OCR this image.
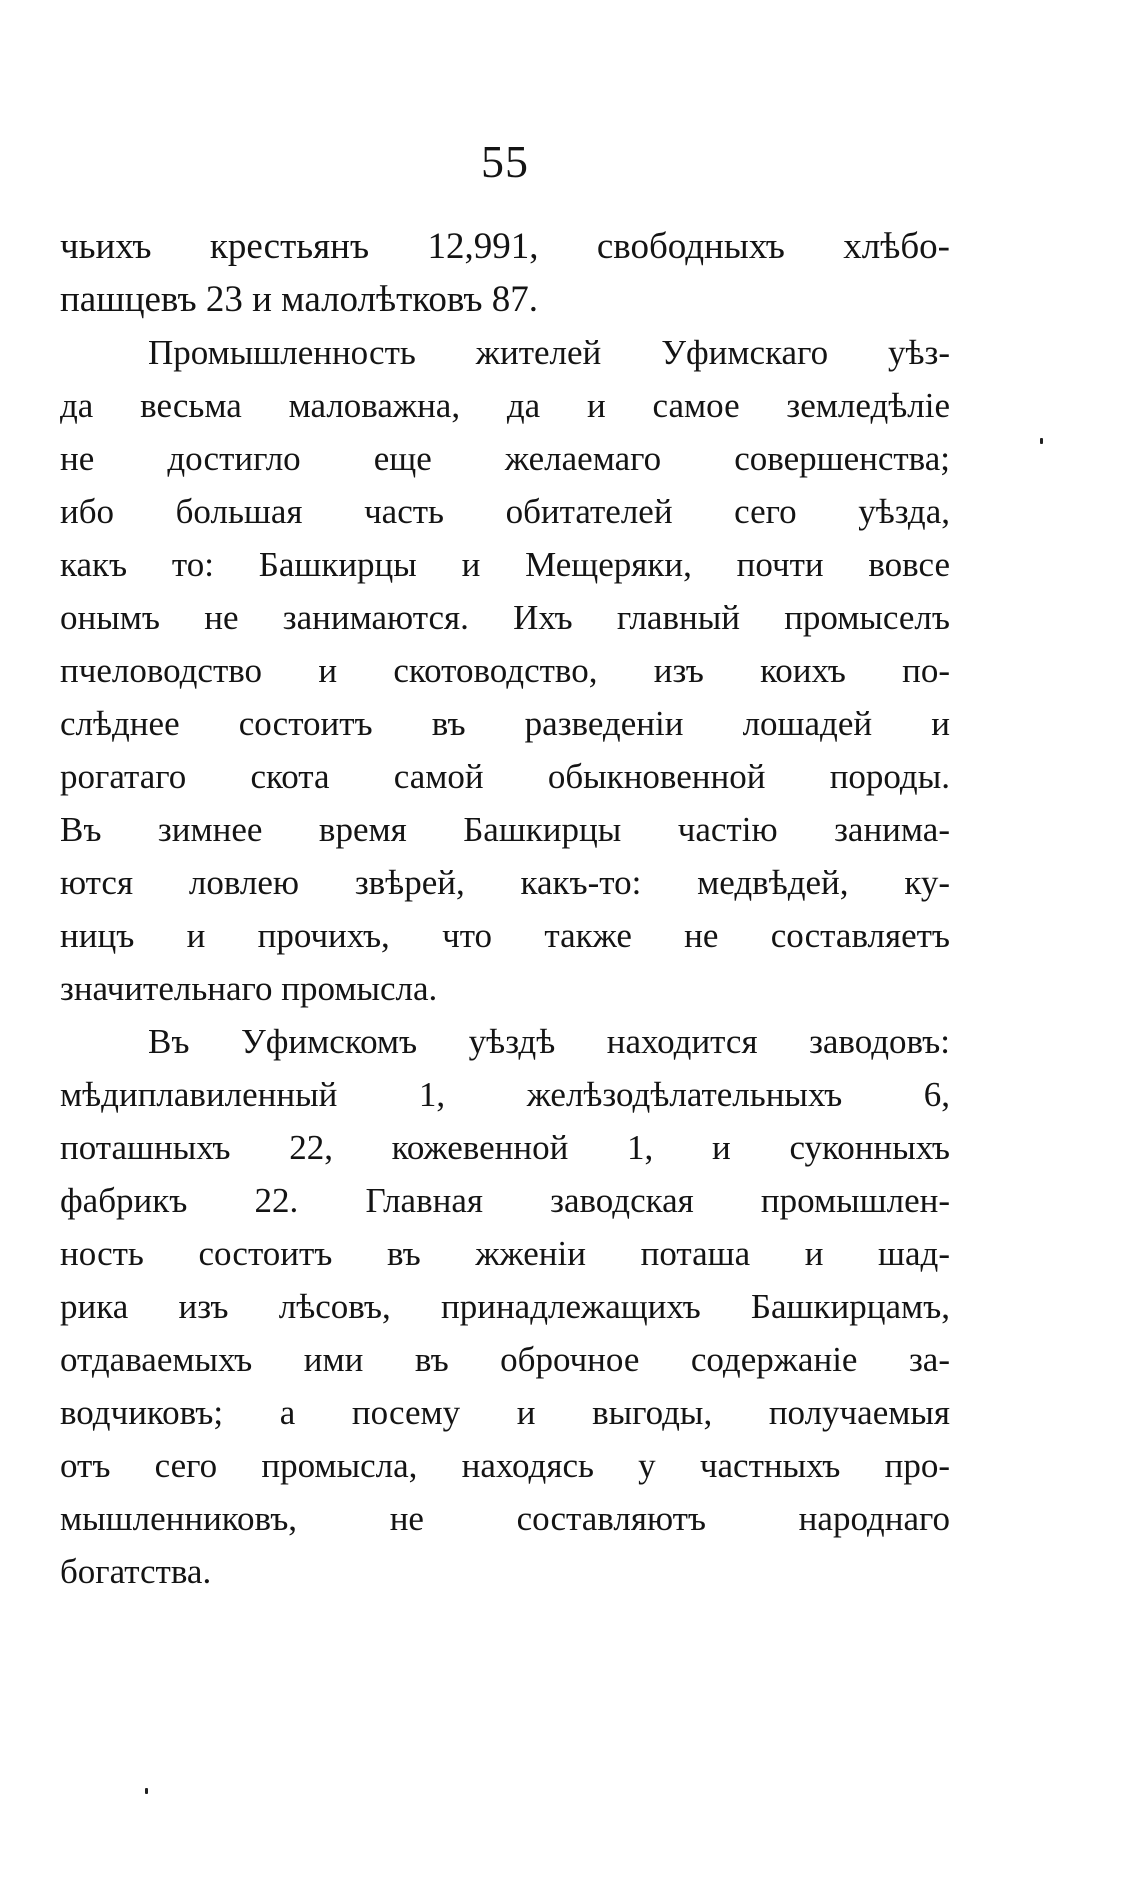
55
чьихъ крестьянъ 12,991, свободныхъ хлѣбо-
пашцевъ 23 и малолѣтковъ 87.
Промышленность жителей Уфимскаго уѣз-
да весьма маловажна, да и самое земледѣліе
не достигло еще желаемаго совершенства;
ибо большая часть обитателей сего уѣзда,
какъ то: Башкирцы и Мещеряки, почти вовсе
онымъ не занимаются. Ихъ главный промыселъ
пчеловодство и скотоводство, изъ коихъ по-
слѣднее состоитъ въ разведеніи лошадей и
рогатаго скота самой обыкновенной породы.
Въ зимнее время Башкирцы частію занима-
ются ловлею звѣрей, какъ-то: медвѣдей, ку-
ницъ и прочихъ, что также не составляетъ
значительнаго промысла.
Въ Уфимскомъ уѣздѣ находится заводовъ:
мѣдиплавиленный 1, желѣзодѣлательныхъ 6,
поташныхъ 22, кожевенной 1, и суконныхъ
фабрикъ 22. Главная заводская промышлен-
ность состоитъ въ жженіи поташа и шад-
рика изъ лѣсовъ, принадлежащихъ Башкирцамъ,
отдаваемыхъ ими въ оброчное содержаніе за-
водчиковъ; а посему и выгоды, получаемыя
отъ сего промысла, находясь у частныхъ про-
мышленниковъ, не составляютъ народнаго
богатства.
